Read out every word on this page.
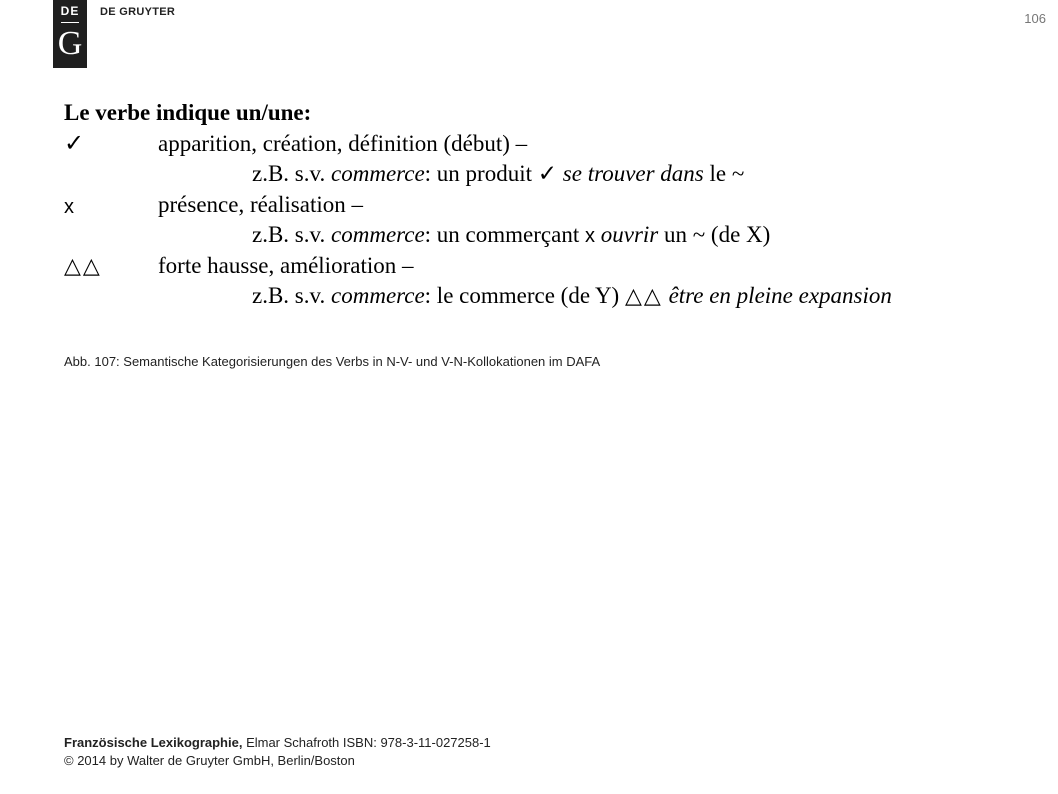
DE
G
DE GRUYTER	106
Le verbe indique un/une:
✓	apparition, création, définition (début) –
z.B. s.v. commerce: un produit ✓ se trouver dans le ~
x	présence, réalisation –
z.B. s.v. commerce: un commerçant x ouvrir un ~ (de X)
△△	forte hausse, amélioration –
z.B. s.v. commerce: le commerce (de Y) △△ être en pleine expansion
Abb. 107: Semantische Kategorisierungen des Verbs in N-V- und V-N-Kollokationen im DAFA
Französische Lexikographie, Elmar Schafroth ISBN: 978-3-11-027258-1
© 2014 by Walter de Gruyter GmbH, Berlin/Boston
